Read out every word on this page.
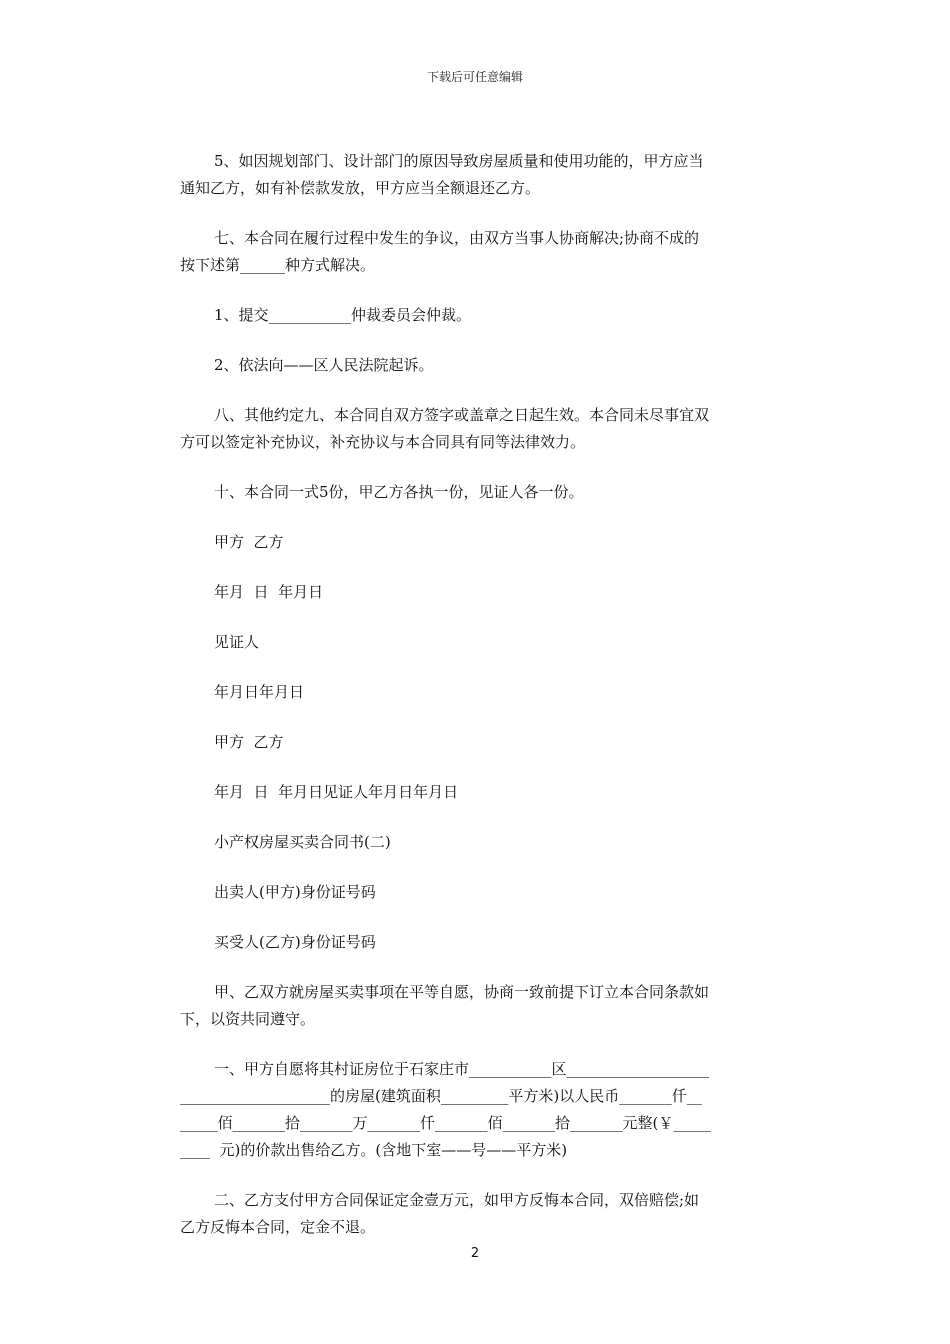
下载后可任意编辑

5、如因规划部门、设计部门的原因导致房屋质量和使用功能的，甲方应当
通知乙方，如有补偿款发放，甲方应当全额退还乙方。

七、本合同在履行过程中发生的争议，由双方当事人协商解决;协商不成的
按下述第______种方式解决。

1、提交___________仲裁委员会仲裁。

2、依法向——区人民法院起诉。

八、其他约定九、本合同自双方签字或盖章之日起生效。本合同未尽事宜双
方可以签定补充协议，补充协议与本合同具有同等法律效力。

十、本合同一式5份，甲乙方各执一份，见证人各一份。

甲方  乙方

年月  日  年月日

见证人

年月日年月日

甲方  乙方

年月  日  年月日见证人年月日年月日

小产权房屋买卖合同书(二)

出卖人(甲方)身份证号码

买受人(乙方)身份证号码

甲、乙双方就房屋买卖事项在平等自愿，协商一致前提下订立本合同条款如
下，以资共同遵守。

一、甲方自愿将其村证房位于石家庄市___________区___________________
____________________的房屋(建筑面积_________平方米)以人民币_______仟__
_____佰_______拾_______万_______仟_______佰_______拾_______元整(￥_____
____  元)的价款出售给乙方。(含地下室——号——平方米)

二、乙方支付甲方合同保证定金壹万元，如甲方反悔本合同，双倍赔偿;如
乙方反悔本合同，定金不退。

2
